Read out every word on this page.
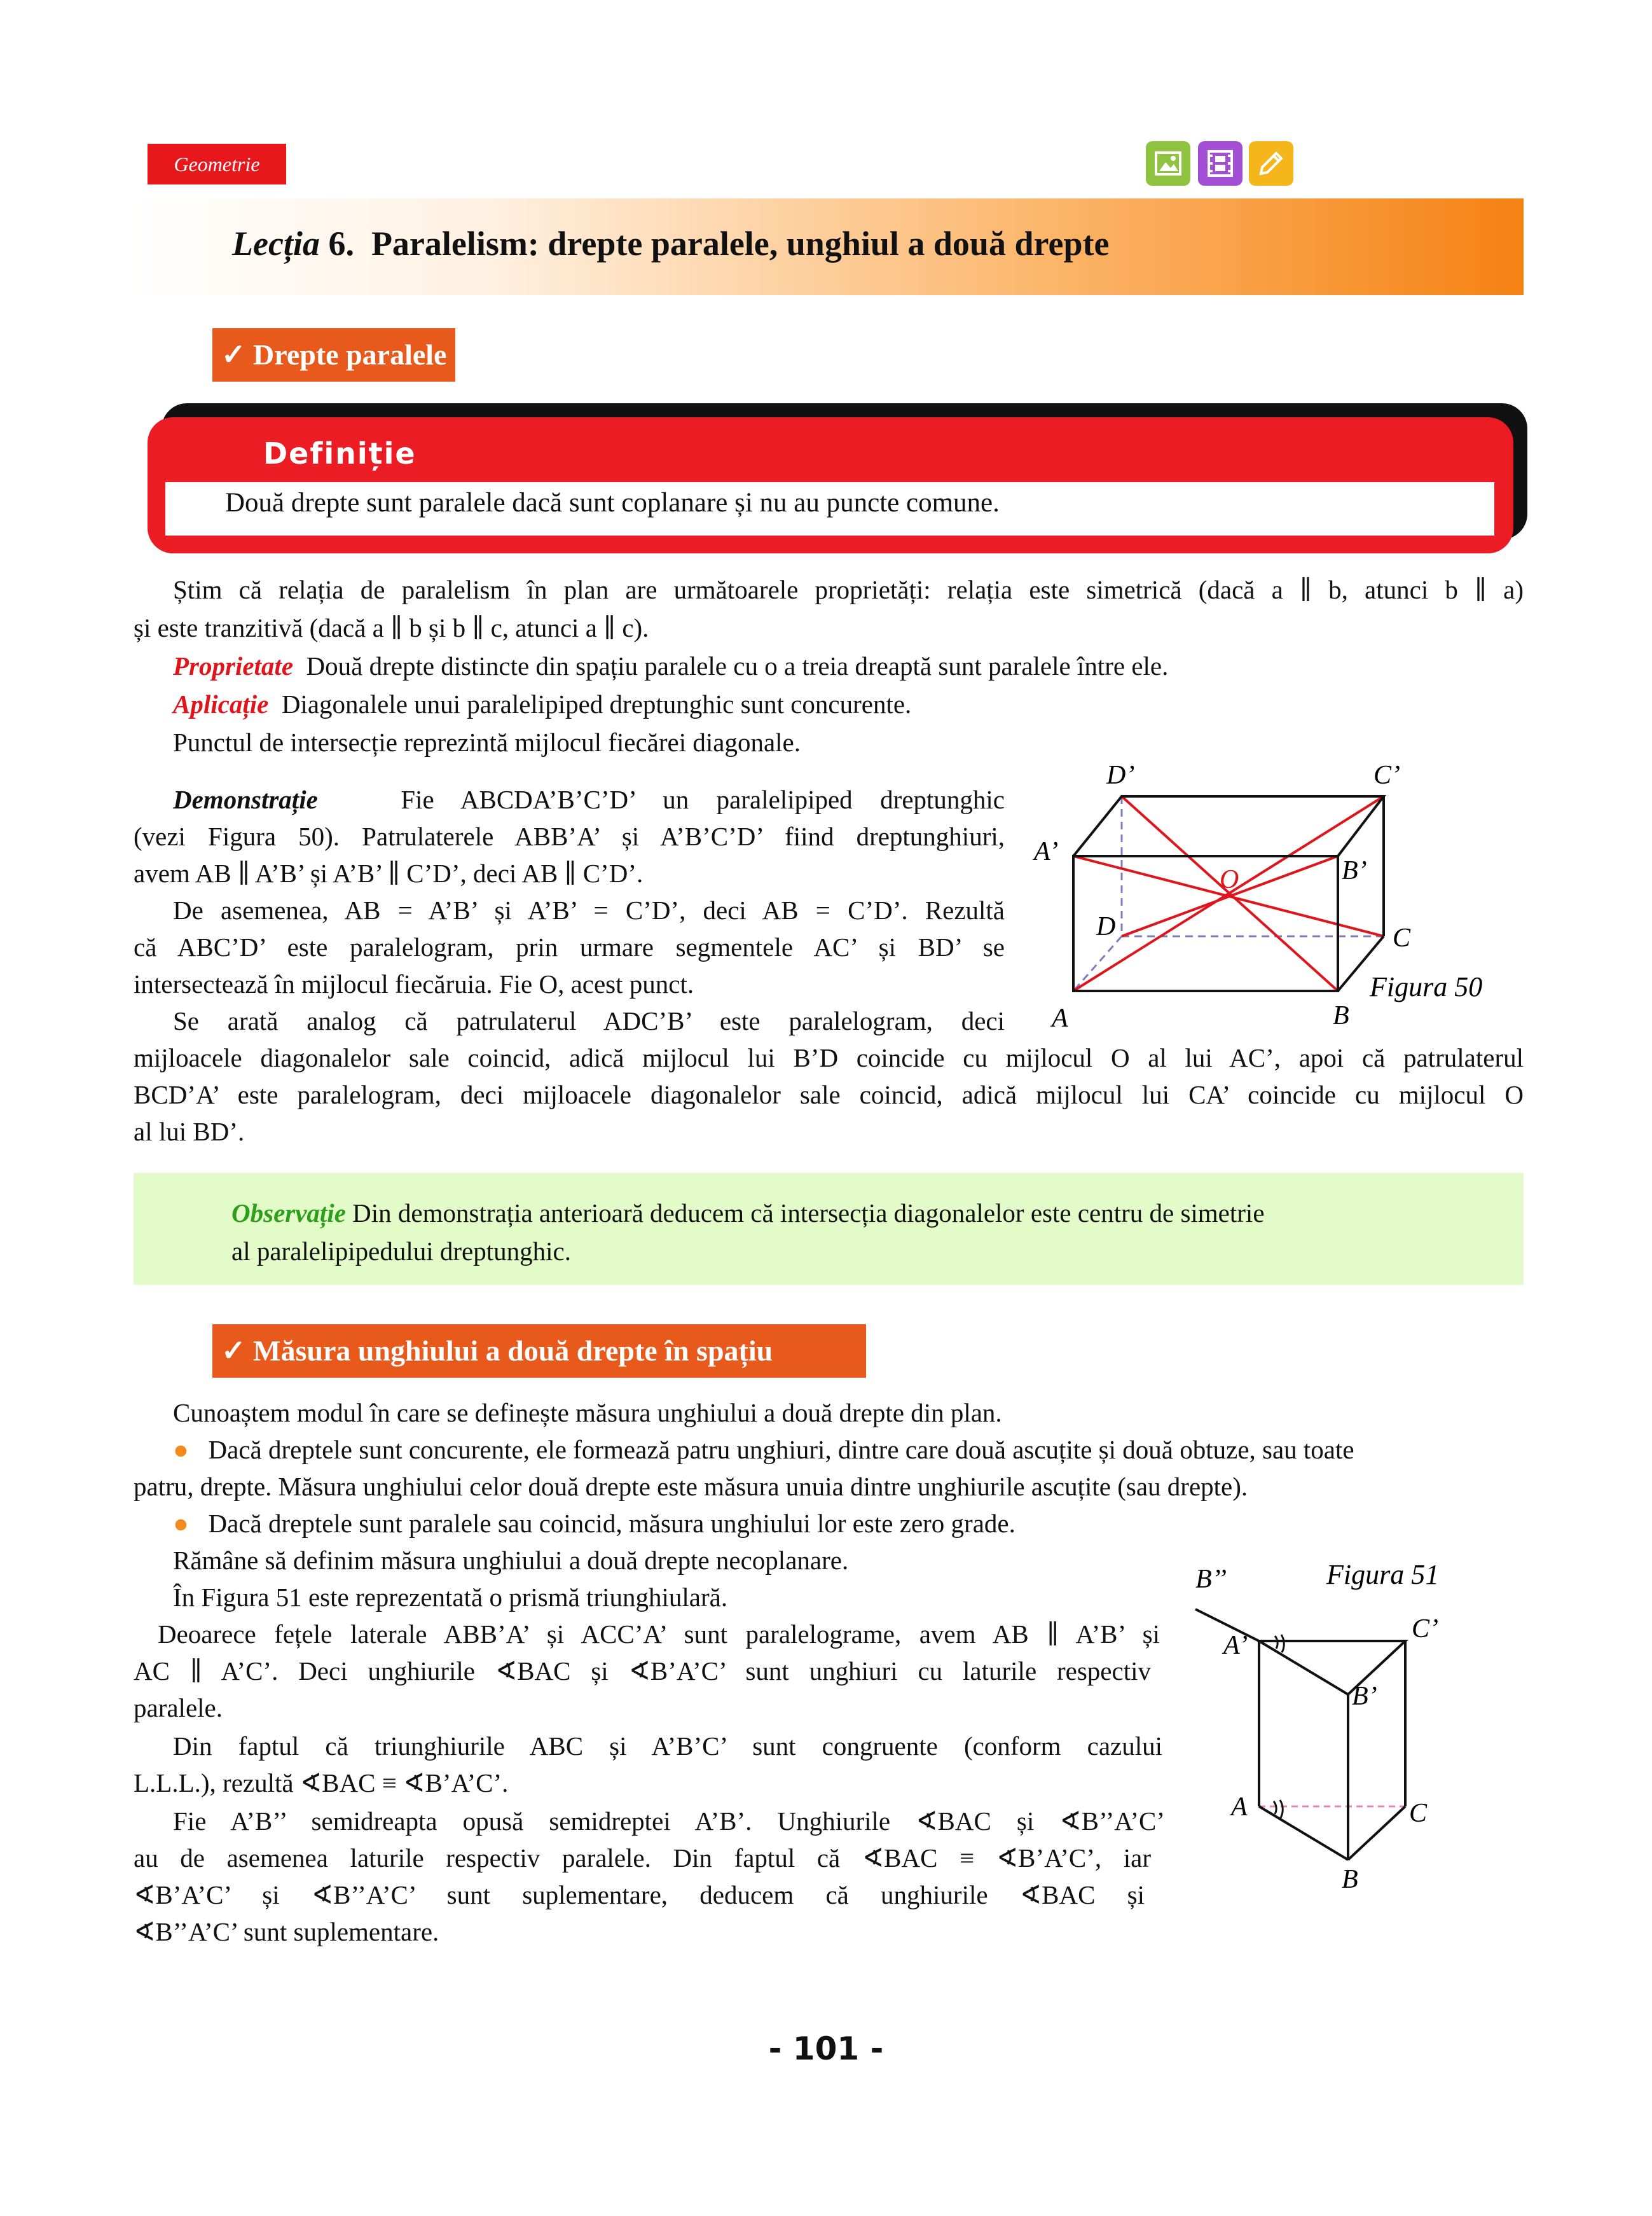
Geometrie
Lecția 6. Paralelism: drepte paralele, unghiul a două drepte
✓ Drepte paralele
Definiție
Două drepte sunt paralele dacă sunt coplanare și nu au puncte comune.
Știm că relația de paralelism în plan are următoarele proprietăți: relația este simetrică (dacă a ∥ b, atunci b ∥ a)
și este tranzitivă (dacă a ∥ b și b ∥ c, atunci a ∥ c).
Proprietate Două drepte distincte din spațiu paralele cu o a treia dreaptă sunt paralele între ele.
Aplicație Diagonalele unui paralelipiped dreptunghic sunt concurente.
Punctul de intersecție reprezintă mijlocul fiecărei diagonale.
Demonstrație	Fie ABCDA’B’C’D’ un paralelipiped dreptunghic
(vezi Figura 50). Patrulaterele ABB’A’ și A’B’C’D’ fiind dreptunghiuri,
avem AB ∥ A’B’ și A’B’ ∥ C’D’, deci AB ∥ C’D’.
De asemenea, AB = A’B’ și A’B’ = C’D’, deci AB = C’D’. Rezultă
că ABC’D’ este paralelogram, prin urmare segmentele AC’ și BD’ se
intersectează în mijlocul fiecăruia. Fie O, acest punct.
Se arată analog că patrulaterul ADC’B’ este paralelogram, deci
mijloacele diagonalelor sale coincid, adică mijlocul lui B’D coincide cu mijlocul O al lui AC’, apoi că patrulaterul
BCD’A’ este paralelogram, deci mijloacele diagonalelor sale coincid, adică mijlocul lui CA’ coincide cu mijlocul O
al lui BD’.
D’	C’
A’
B’
O
D	C
A	B
Figura 50
Observație Din demonstrația anterioară deducem că intersecția diagonalelor este centru de simetrie
al paralelipipedului dreptunghic.
✓ Măsura unghiului a două drepte în spațiu
Cunoaștem modul în care se definește măsura unghiului a două drepte din plan.
● Dacă dreptele sunt concurente, ele formează patru unghiuri, dintre care două ascuțite și două obtuze, sau toate
patru, drepte. Măsura unghiului celor două drepte este măsura unuia dintre unghiurile ascuțite (sau drepte).
● Dacă dreptele sunt paralele sau coincid, măsura unghiului lor este zero grade.
Rămâne să definim măsura unghiului a două drepte necoplanare.
În Figura 51 este reprezentată o prismă triunghiulară.
Deoarece fețele laterale ABB’A’ și ACC’A’ sunt paralelograme, avem AB ∥ A’B’ și
AC ∥ A’C’. Deci unghiurile ∢BAC și ∢B’A’C’ sunt unghiuri cu laturile respectiv
paralele.
Din faptul că triunghiurile ABC și A’B’C’ sunt congruente (conform cazului
L.L.L.), rezultă ∢BAC ≡ ∢B’A’C’.
Fie A’B’’ semidreapta opusă semidreptei A’B’. Unghiurile ∢BAC și ∢B’’A’C’
au de asemenea laturile respectiv paralele. Din faptul că ∢BAC ≡ ∢B’A’C’, iar
∢B’A’C’ și ∢B’’A’C’ sunt suplementare, deducem că unghiurile ∢BAC și
∢B’’A’C’ sunt suplementare.
B’’
A’
C’
B’
A	C
B
Figura 51
- 101 -
